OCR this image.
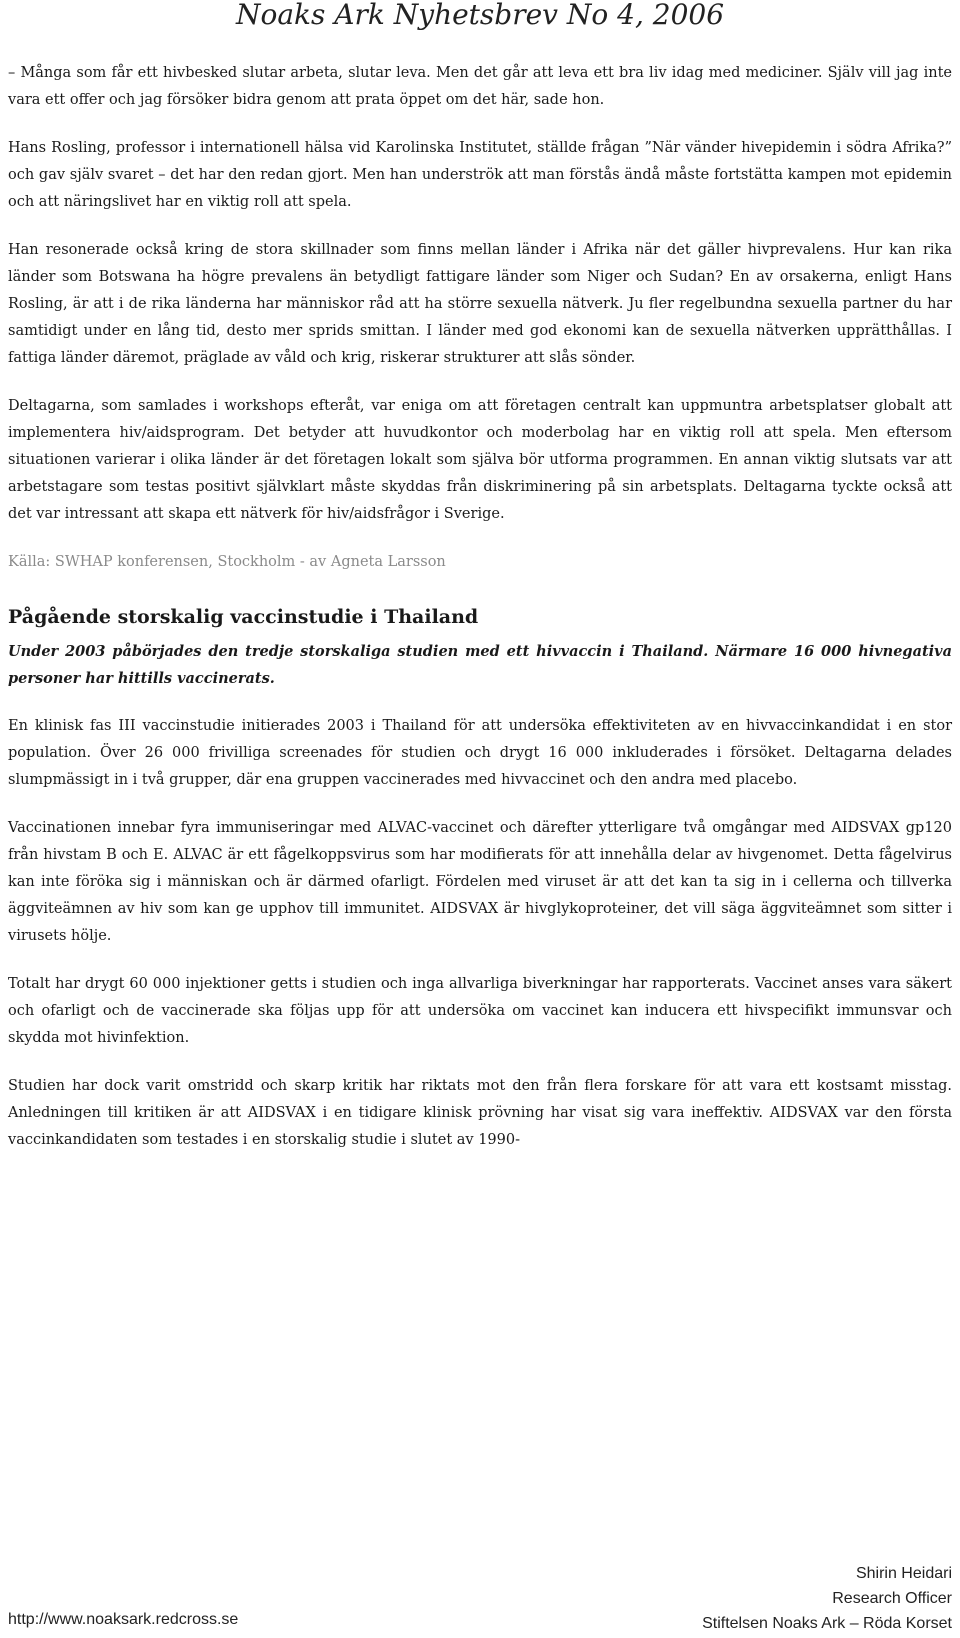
Noaks Ark Nyhetsbrev No 4, 2006

– Många som får ett hivbesked slutar arbeta, slutar leva. Men det går att leva ett bra liv idag med mediciner. Själv vill jag inte vara ett offer och jag försöker bidra genom att prata öppet om det här, sade hon.

Hans Rosling, professor i internationell hälsa vid Karolinska Institutet, ställde frågan ”När vänder hivepidemin i södra Afrika?” och gav själv svaret – det har den redan gjort. Men han underströk att man förstås ändå måste fortstätta kampen mot epidemin och att näringslivet har en viktig roll att spela.

Han resonerade också kring de stora skillnader som finns mellan länder i Afrika när det gäller hivprevalens. Hur kan rika länder som Botswana ha högre prevalens än betydligt fattigare länder som Niger och Sudan? En av orsakerna, enligt Hans Rosling, är att i de rika länderna har människor råd att ha större sexuella nätverk. Ju fler regelbundna sexuella partner du har samtidigt under en lång tid, desto mer sprids smittan. I länder med god ekonomi kan de sexuella nätverken upprätthållas. I fattiga länder däremot, präglade av våld och krig, riskerar strukturer att slås sönder.

Deltagarna, som samlades i workshops efteråt, var eniga om att företagen centralt kan uppmuntra arbetsplatser globalt att implementera hiv/aidsprogram. Det betyder att huvudkontor och moderbolag har en viktig roll att spela. Men eftersom situationen varierar i olika länder är det företagen lokalt som själva bör utforma programmen. En annan viktig slutsats var att arbetstagare som testas positivt självklart måste skyddas från diskriminering på sin arbetsplats. Deltagarna tyckte också att det var intressant att skapa ett nätverk för hiv/aidsfrågor i Sverige.

Källa: SWHAP konferensen, Stockholm - av Agneta Larsson

Pågående storskalig vaccinstudie i Thailand

Under 2003 påbörjades den tredje storskaliga studien med ett hivvaccin i Thailand. Närmare 16 000 hivnegativa personer har hittills vaccinerats.

En klinisk fas III vaccinstudie initierades 2003 i Thailand för att undersöka effektiviteten av en hivvaccinkandidat i en stor population. Över 26 000 frivilliga screenades för studien och drygt 16 000 inkluderades i försöket. Deltagarna delades slumpmässigt in i två grupper, där ena gruppen vaccinerades med hivvaccinet och den andra med placebo.

Vaccinationen innebar fyra immuniseringar med ALVAC-vaccinet och därefter ytterligare två omgångar med AIDSVAX gp120 från hivstam B och E. ALVAC är ett fågelkoppsvirus som har modifierats för att innehålla delar av hivgenomet. Detta fågelvirus kan inte föröka sig i människan och är därmed ofarligt. Fördelen med viruset är att det kan ta sig in i cellerna och tillverka äggviteämnen av hiv som kan ge upphov till immunitet. AIDSVAX är hivglykoproteiner, det vill säga äggviteämnet som sitter i virusets hölje.

Totalt har drygt 60 000 injektioner getts i studien och inga allvarliga biverkningar har rapporterats. Vaccinet anses vara säkert och ofarligt och de vaccinerade ska följas upp för att undersöka om vaccinet kan inducera ett hivspecifikt immunsvar och skydda mot hivinfektion.

Studien har dock varit omstridd och skarp kritik har riktats mot den från flera forskare för att vara ett kostsamt misstag. Anledningen till kritiken är att AIDSVAX i en tidigare klinisk prövning har visat sig vara ineffektiv. AIDSVAX var den första vaccinkandidaten som testades i en storskalig studie i slutet av 1990-

Shirin Heidari
Research Officer
Stiftelsen Noaks Ark – Röda Korset
http://www.noaksark.redcross.se
